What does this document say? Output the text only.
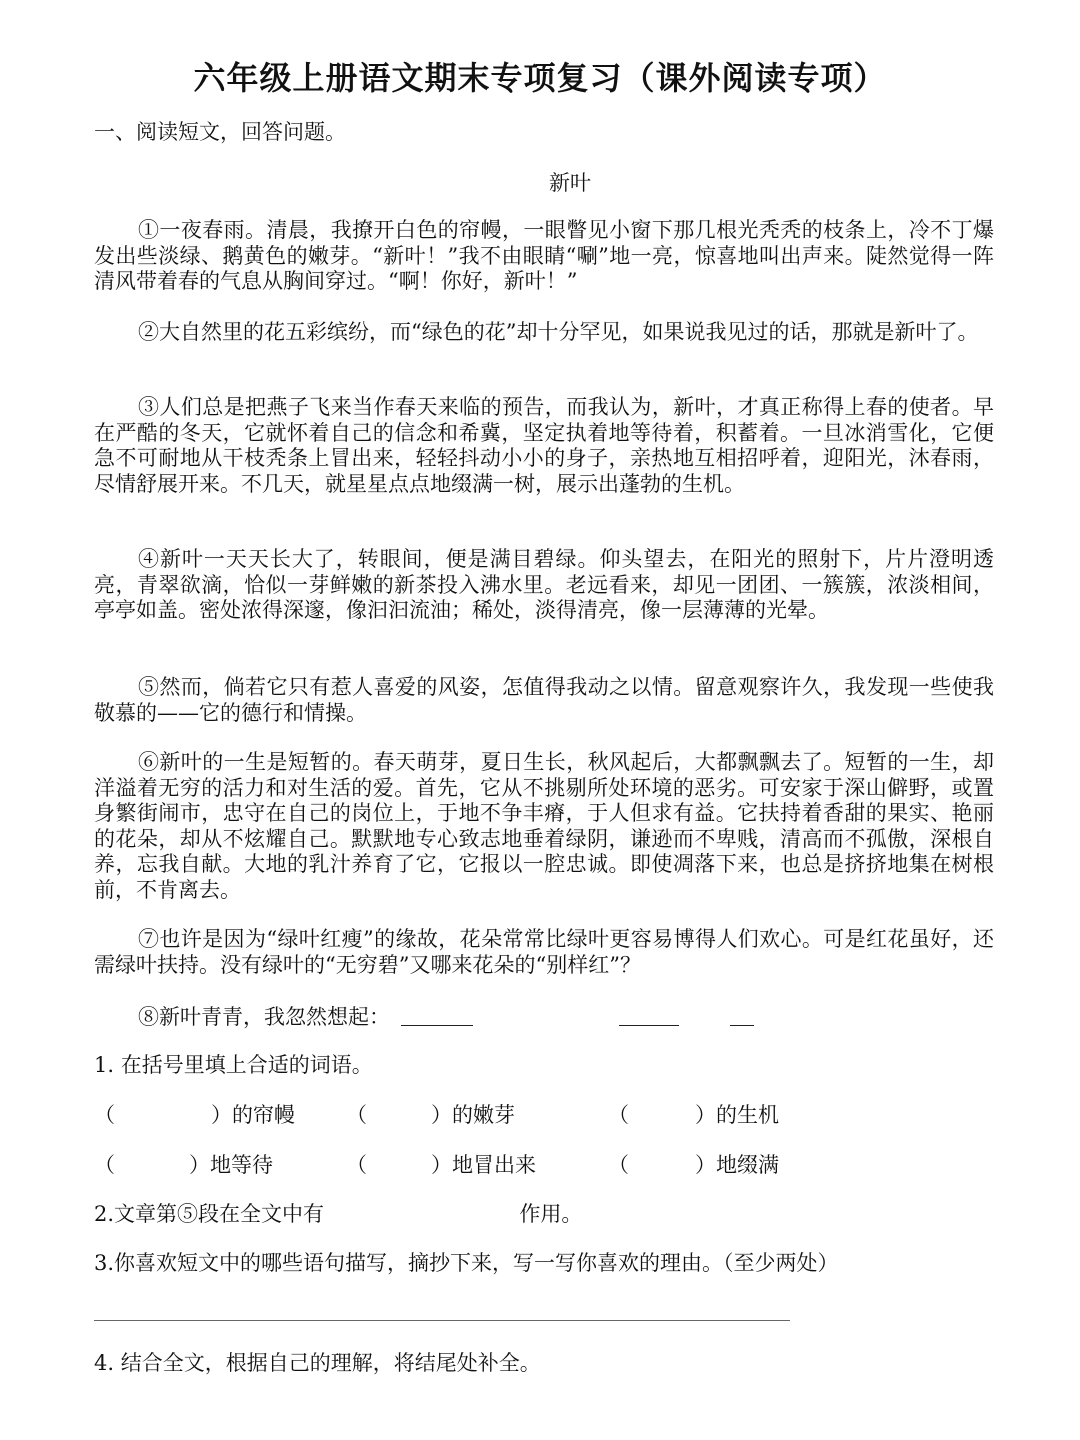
六年级上册语文期末专项复习（课外阅读专项）
一、阅读短文，回答问题。
新叶

①一夜春雨。清晨，我撩开白色的帘幔，一眼瞥见小窗下那几根光秃秃的枝条上，冷不丁爆发出些淡绿、鹅黄色的嫩芽。“新叶！”我不由眼睛“唰”地一亮，惊喜地叫出声来。陡然觉得一阵清风带着春的气息从胸间穿过。“啊！你好，新叶！”

②大自然里的花五彩缤纷，而“绿色的花”却十分罕见，如果说我见过的话，那就是新叶了。

③人们总是把燕子飞来当作春天来临的预告，而我认为，新叶，才真正称得上春的使者。早在严酷的冬天，它就怀着自己的信念和希冀，坚定执着地等待着，积蓄着。一旦冰消雪化，它便急不可耐地从干枝秃条上冒出来，轻轻抖动小小的身子，亲热地互相招呼着，迎阳光，沐春雨，尽情舒展开来。不几天，就星星点点地缀满一树，展示出蓬勃的生机。

④新叶一天天长大了，转眼间，便是满目碧绿。仰头望去，在阳光的照射下，片片澄明透亮，青翠欲滴，恰似一芽鲜嫩的新茶投入沸水里。老远看来，却见一团团、一簇簇，浓淡相间，亭亭如盖。密处浓得深邃，像汩汩流油；稀处，淡得清亮，像一层薄薄的光晕。

⑤然而，倘若它只有惹人喜爱的风姿，怎值得我动之以情。留意观察许久，我发现一些使我敬慕的——它的德行和情操。

⑥新叶的一生是短暂的。春天萌芽，夏日生长，秋风起后，大都飘飘去了。短暂的一生，却洋溢着无穷的活力和对生活的爱。首先，它从不挑剔所处环境的恶劣。可安家于深山僻野，或置身繁街闹市，忠守在自己的岗位上，于地不争丰瘠，于人但求有益。它扶持着香甜的果实、艳丽的花朵，却从不炫耀自己。默默地专心致志地垂着绿阴，谦逊而不卑贱，清高而不孤傲，深根自养，忘我自献。大地的乳汁养育了它，它报以一腔忠诚。即使凋落下来，也总是挤挤地集在树根前，不肯离去。

⑦也许是因为“绿叶红瘦”的缘故，花朵常常比绿叶更容易博得人们欢心。可是红花虽好，还需绿叶扶持。没有绿叶的“无穷碧”又哪来花朵的“别样红”？

⑧新叶青青，我忽然想起：
1. 在括号里填上合适的词语。
（	）的帘幔 （	）的嫩芽	（	）的生机
（	）地等待	（	）地冒出来	（	）地缀满
2.文章第⑤段在全文中有	作用。
3.你喜欢短文中的哪些语句描写，摘抄下来，写一写你喜欢的理由。（至少两处）
4. 结合全文，根据自己的理解，将结尾处补全。
